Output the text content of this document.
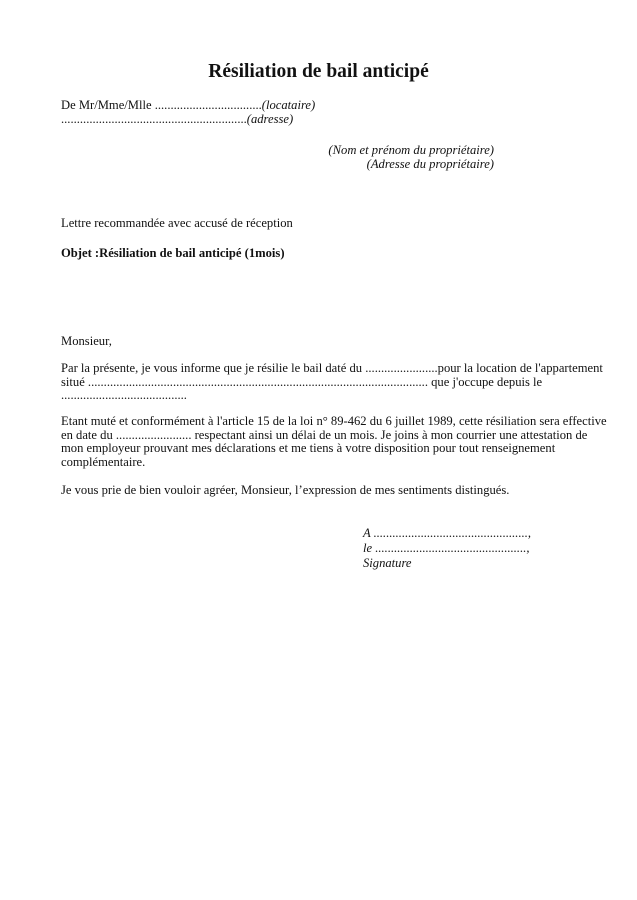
Résiliation de bail anticipé
De Mr/Mme/Mlle ..................................(locataire)
...........................................................(adresse)
(Nom et prénom du propriétaire)
(Adresse du propriétaire)
Lettre recommandée avec accusé de réception
Objet :Résiliation de bail anticipé (1mois)
Monsieur,
Par la présente, je vous informe que je résilie le bail daté du .......................pour la location de l'appartement
situé ............................................................................................................ que j'occupe depuis le
........................................
Etant muté et conformément à l'article 15 de la loi n° 89-462 du 6 juillet 1989, cette résiliation sera effective
en date du ........................ respectant ainsi un délai de un mois. Je joins à mon courrier une attestation de
mon employeur prouvant mes déclarations et me tiens à votre disposition pour tout renseignement
complémentaire.
Je vous prie de bien vouloir agréer, Monsieur, l’expression de mes sentiments distingués.
A .................................................,
le ................................................,
Signature
